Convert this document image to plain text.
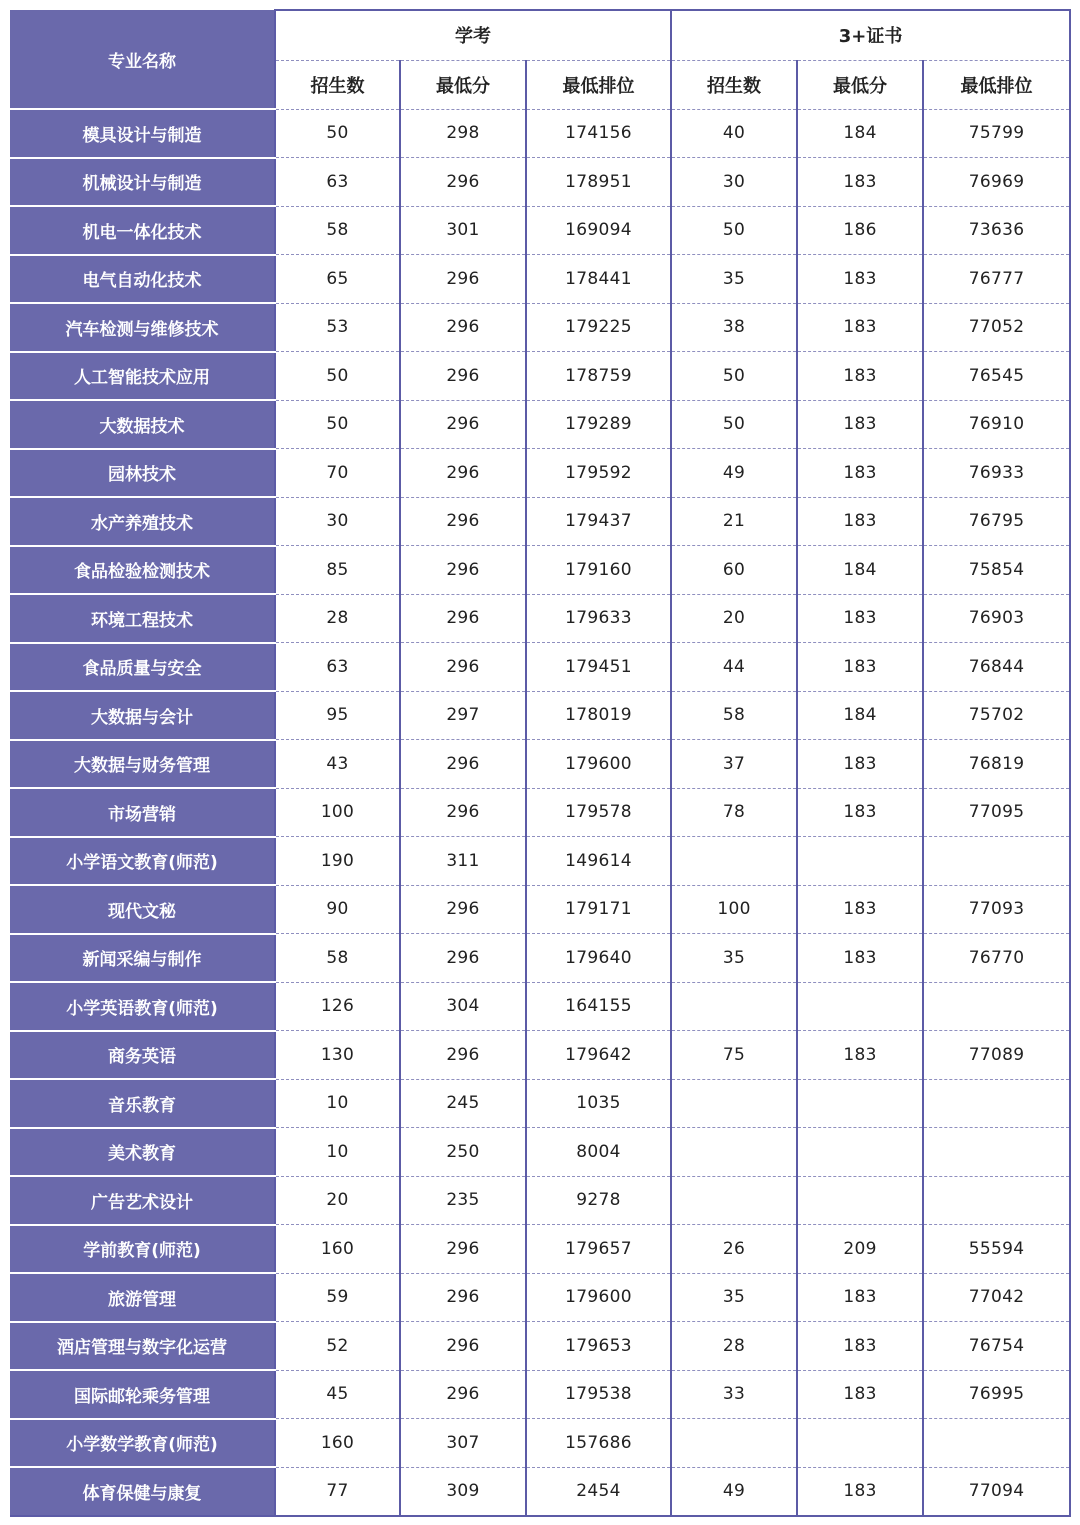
专业名称	学考			3+证书		
	招生数	最低分	最低排位	招生数	最低分	最低排位
模具设计与制造	50	298	174156	40	184	75799
机械设计与制造	63	296	178951	30	183	76969
机电一体化技术	58	301	169094	50	186	73636
电气自动化技术	65	296	178441	35	183	76777
汽车检测与维修技术	53	296	179225	38	183	77052
人工智能技术应用	50	296	178759	50	183	76545
大数据技术	50	296	179289	50	183	76910
园林技术	70	296	179592	49	183	76933
水产养殖技术	30	296	179437	21	183	76795
食品检验检测技术	85	296	179160	60	184	75854
环境工程技术	28	296	179633	20	183	76903
食品质量与安全	63	296	179451	44	183	76844
大数据与会计	95	297	178019	58	184	75702
大数据与财务管理	43	296	179600	37	183	76819
市场营销	100	296	179578	78	183	77095
小学语文教育(师范)	190	311	149614			
现代文秘	90	296	179171	100	183	77093
新闻采编与制作	58	296	179640	35	183	76770
小学英语教育(师范)	126	304	164155			
商务英语	130	296	179642	75	183	77089
音乐教育	10	245	1035			
美术教育	10	250	8004			
广告艺术设计	20	235	9278			
学前教育(师范)	160	296	179657	26	209	55594
旅游管理	59	296	179600	35	183	77042
酒店管理与数字化运营	52	296	179653	28	183	76754
国际邮轮乘务管理	45	296	179538	33	183	76995
小学数学教育(师范)	160	307	157686			
体育保健与康复	77	309	2454	49	183	77094
